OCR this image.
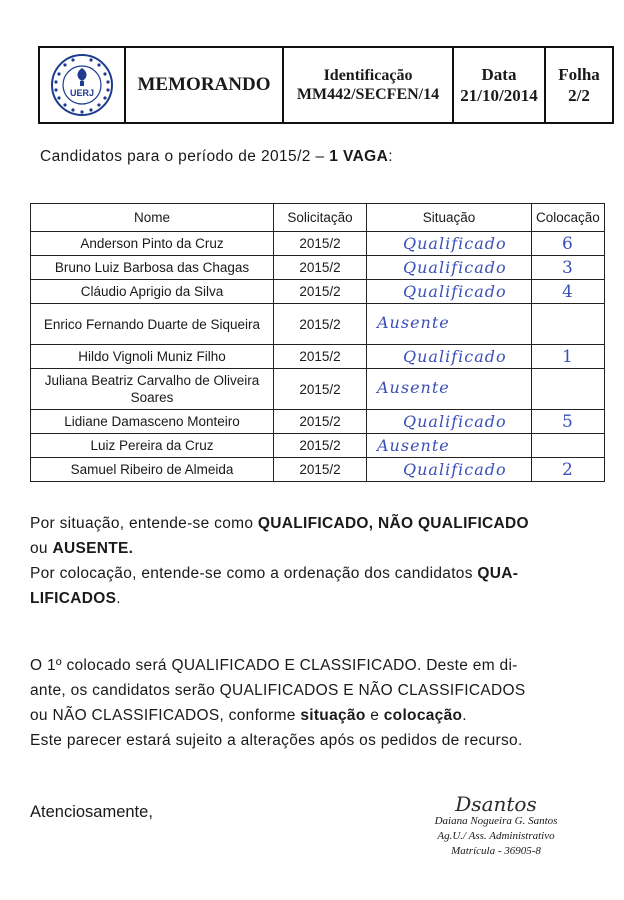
UERJ	MEMORANDO	Identificação
MM442/SECFEN/14
Data
21/10/2014
Folha
2/2
Candidatos para o período de 2015/2 – 1 VAGA:
Nome	Solicitação	Situação	Colocação
Anderson Pinto da Cruz	2015/2	Qualificado	6
Bruno Luiz Barbosa das Chagas	2015/2	Qualificado	3
Cláudio Aprigio da Silva	2015/2	Qualificado	4
Enrico Fernando Duarte de Siqueira	2015/2	Ausente	

Hildo Vignoli Muniz Filho	2015/2	Qualificado	1
Juliana Beatriz Carvalho de Oliveira Soares	2015/2	Ausente	

Lidiane Damasceno Monteiro	2015/2	Qualificado	5
Luiz Pereira da Cruz	2015/2	Ausente	

Samuel Ribeiro de Almeida	2015/2	Qualificado	2
Por situação, entende-se como QUALIFICADO, NÃO QUALIFICADO
ou AUSENTE.
Por colocação, entende-se como a ordenação dos candidatos QUA-
LIFICADOS.
O 1º colocado será QUALIFICADO E CLASSIFICADO. Deste em di-
ante, os candidatos serão QUALIFICADOS E NÃO CLASSIFICADOS
ou NÃO CLASSIFICADOS, conforme situação e colocação.
Este parecer estará sujeito a alterações após os pedidos de recurso.
Atenciosamente,	Dsantos
Daiana Nogueira G. Santos
Ag.U./ Ass. Administrativo
Matrícula - 36905-8
